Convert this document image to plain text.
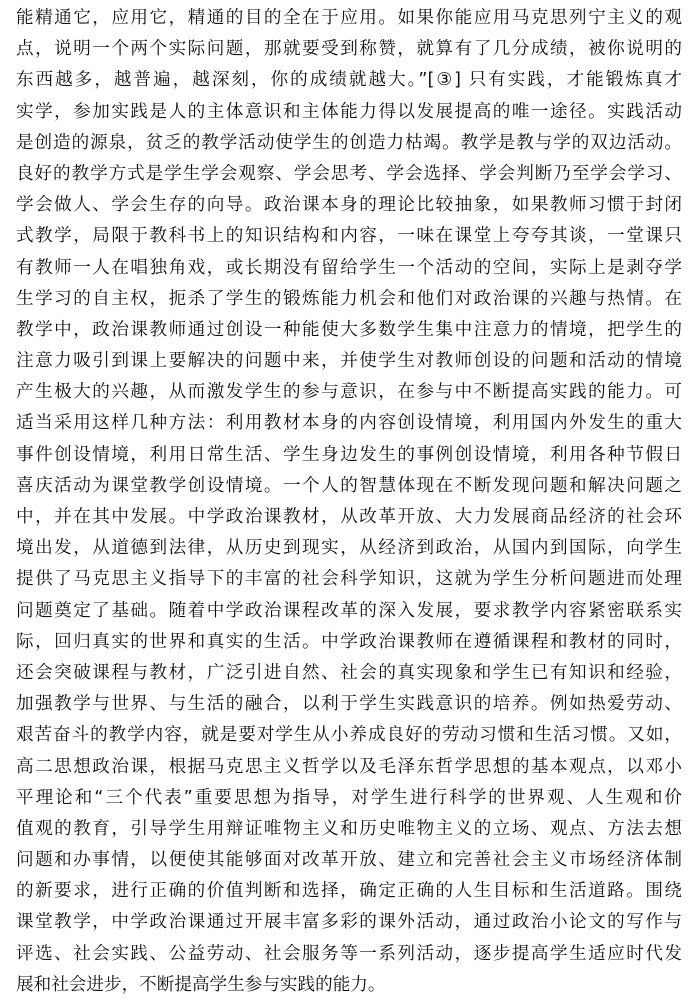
能精通它，应用它，精通的目的全在于应用。如果你能应用马克思列宁主义的观
点，说明一个两个实际问题，那就要受到称赞，就算有了几分成绩，被你说明的
东西越多，越普遍，越深刻，你的成绩就越大。”[③] 只有实践，才能锻炼真才
实学，参加实践是人的主体意识和主体能力得以发展提高的唯一途径。实践活动
是创造的源泉，贫乏的教学活动使学生的创造力枯竭。教学是教与学的双边活动。
良好的教学方式是学生学会观察、学会思考、学会选择、学会判断乃至学会学习、
学会做人、学会生存的向导。政治课本身的理论比较抽象，如果教师习惯于封闭
式教学，局限于教科书上的知识结构和内容，一味在课堂上夸夸其谈，一堂课只
有教师一人在唱独角戏，或长期没有留给学生一个活动的空间，实际上是剥夺学
生学习的自主权，扼杀了学生的锻炼能力机会和他们对政治课的兴趣与热情。在
教学中，政治课教师通过创设一种能使大多数学生集中注意力的情境，把学生的
注意力吸引到课上要解决的问题中来，并使学生对教师创设的问题和活动的情境
产生极大的兴趣，从而激发学生的参与意识，在参与中不断提高实践的能力。可
适当采用这样几种方法：利用教材本身的内容创设情境，利用国内外发生的重大
事件创设情境，利用日常生活、学生身边发生的事例创设情境，利用各种节假日
喜庆活动为课堂教学创设情境。一个人的智慧体现在不断发现问题和解决问题之
中，并在其中发展。中学政治课教材，从改革开放、大力发展商品经济的社会环
境出发，从道德到法律，从历史到现实，从经济到政治，从国内到国际，向学生
提供了马克思主义指导下的丰富的社会科学知识，这就为学生分析问题进而处理
问题奠定了基础。随着中学政治课程改革的深入发展，要求教学内容紧密联系实
际，回归真实的世界和真实的生活。中学政治课教师在遵循课程和教材的同时，
还会突破课程与教材，广泛引进自然、社会的真实现象和学生已有知识和经验，
加强教学与世界、与生活的融合，以利于学生实践意识的培养。例如热爱劳动、
艰苦奋斗的教学内容，就是要对学生从小养成良好的劳动习惯和生活习惯。又如，
高二思想政治课，根据马克思主义哲学以及毛泽东哲学思想的基本观点，以邓小
平理论和“三个代表”重要思想为指导，对学生进行科学的世界观、人生观和价
值观的教育，引导学生用辩证唯物主义和历史唯物主义的立场、观点、方法去想
问题和办事情，以便使其能够面对改革开放、建立和完善社会主义市场经济体制
的新要求，进行正确的价值判断和选择，确定正确的人生目标和生活道路。围绕
课堂教学，中学政治课通过开展丰富多彩的课外活动，通过政治小论文的写作与
评选、社会实践、公益劳动、社会服务等一系列活动，逐步提高学生适应时代发
展和社会进步，不断提高学生参与实践的能力。
